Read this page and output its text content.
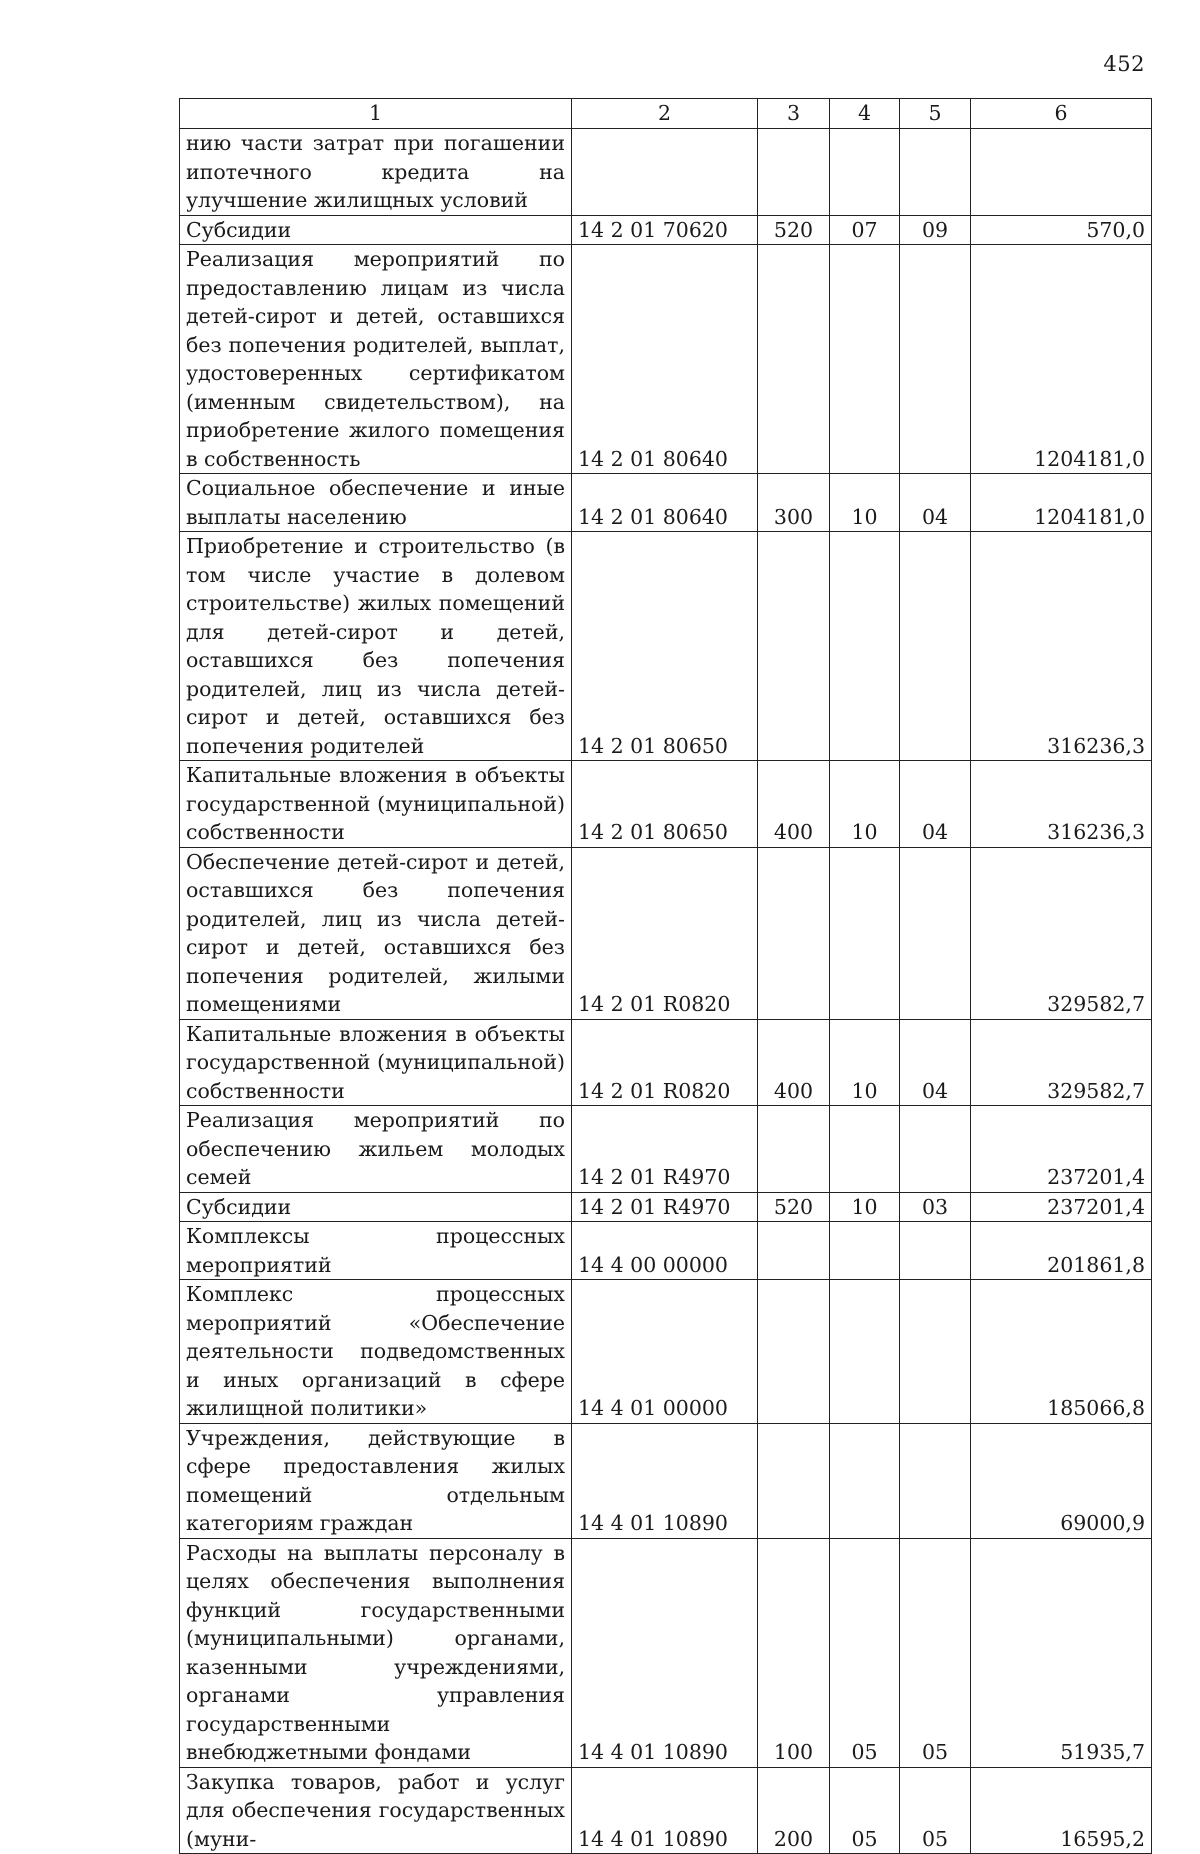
452
1	2	3	4	5	6
нию части затрат при погашении ипотечного кредита на улучшение жилищных условий					
Субсидии	14 2 01 70620	520	07	09	570,0
Реализация мероприятий по предоставлению лицам из числа детей-сирот и детей, оставшихся без попечения родителей, выплат, удостоверенных сертификатом (именным свидетельством), на приобретение жилого помещения в собственность	14 2 01 80640				1204181,0
Социальное обеспечение и иные выплаты населению	14 2 01 80640	300	10	04	1204181,0
Приобретение и строительство (в том числе участие в долевом строительстве) жилых помещений для детей-сирот и детей, оставшихся без попечения родителей, лиц из числа детей-сирот и детей, оставшихся без попечения родителей	14 2 01 80650				316236,3
Капитальные вложения в объекты государственной (муниципальной) собственности	14 2 01 80650	400	10	04	316236,3
Обеспечение детей-сирот и детей, оставшихся без попечения родителей, лиц из числа детей-сирот и детей, оставшихся без попечения родителей, жилыми помещениями	14 2 01 R0820				329582,7
Капитальные вложения в объекты государственной (муниципальной) собственности	14 2 01 R0820	400	10	04	329582,7
Реализация мероприятий по обеспечению жильем молодых семей	14 2 01 R4970				237201,4
Субсидии	14 2 01 R4970	520	10	03	237201,4
Комплексы процессных мероприятий	14 4 00 00000				201861,8
Комплекс процессных мероприятий «Обеспечение деятельности подведомственных и иных организаций в сфере жилищной политики»	14 4 01 00000				185066,8
Учреждения, действующие в сфере предоставления жилых помещений отдельным категориям граждан	14 4 01 10890				69000,9
Расходы на выплаты персоналу в целях обеспечения выполнения функций государственными (муниципальными) органами, казенными учреждениями, органами управления государственными внебюджетными фондами	14 4 01 10890	100	05	05	51935,7
Закупка товаров, работ и услуг для обеспечения государственных (муни-	14 4 01 10890	200	05	05	16595,2
